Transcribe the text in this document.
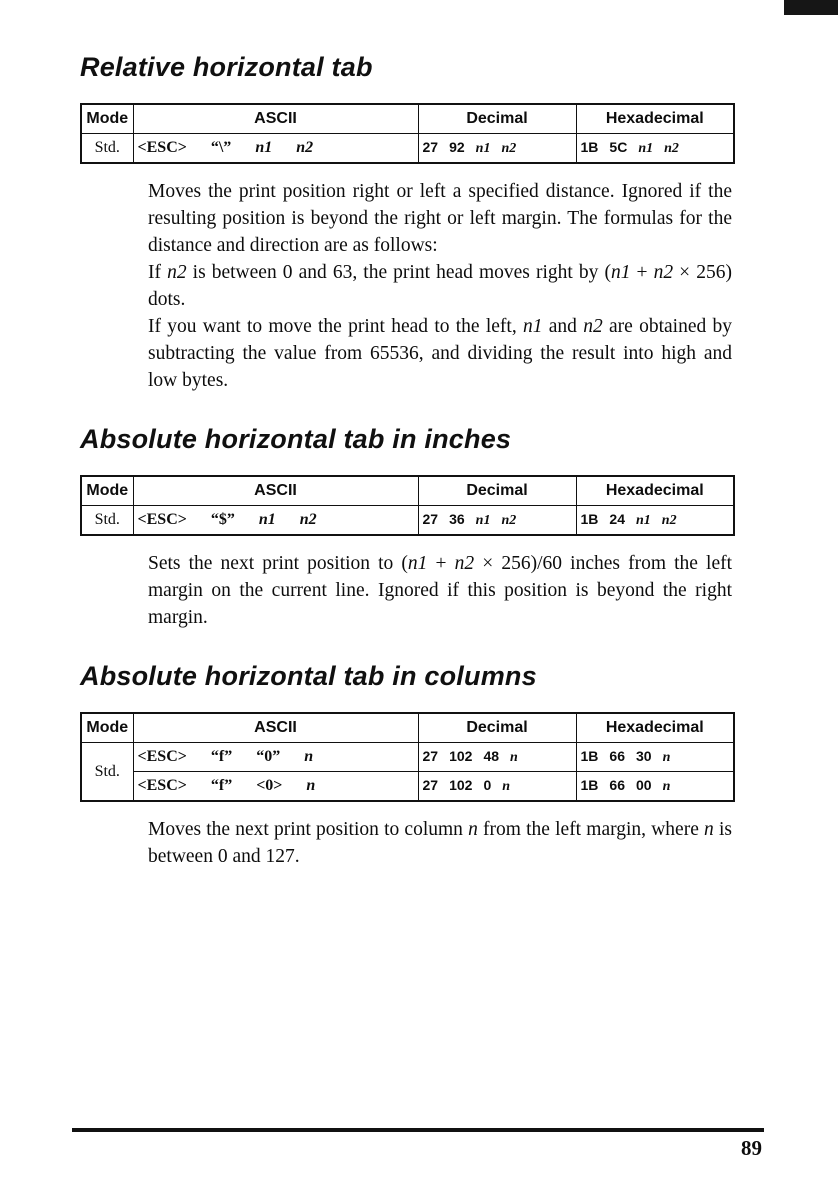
Relative horizontal tab
Mode	ASCII	Decimal	Hexadecimal
Std.	<ESC> “\” n1 n2	27 92 n1 n2	1B 5C n1 n2

Moves the print position right or left a specified distance. Ignored if the resulting position is beyond the right or left margin. The formulas for the distance and direction are as follows:

If n2 is between 0 and 63, the print head moves right by (n1 + n2 × 256) dots.

If you want to move the print head to the left, n1 and n2 are obtained by subtracting the value from 65536, and dividing the result into high and low bytes.

Absolute horizontal tab in inches
Mode	ASCII	Decimal	Hexadecimal
Std.	<ESC> “$” n1 n2	27 36 n1 n2	1B 24 n1 n2

Sets the next print position to (n1 + n2 × 256)/60 inches from the left margin on the current line. Ignored if this position is beyond the right margin.

Absolute horizontal tab in columns
Mode	ASCII	Decimal	Hexadecimal
Std.	<ESC> “f” “0” n	27 102 48 n	1B 66 30 n
	<ESC> “f” <0> n	27 102 0 n	1B 66 00 n

Moves the next print position to column n from the left margin, where n is between 0 and 127.

89
